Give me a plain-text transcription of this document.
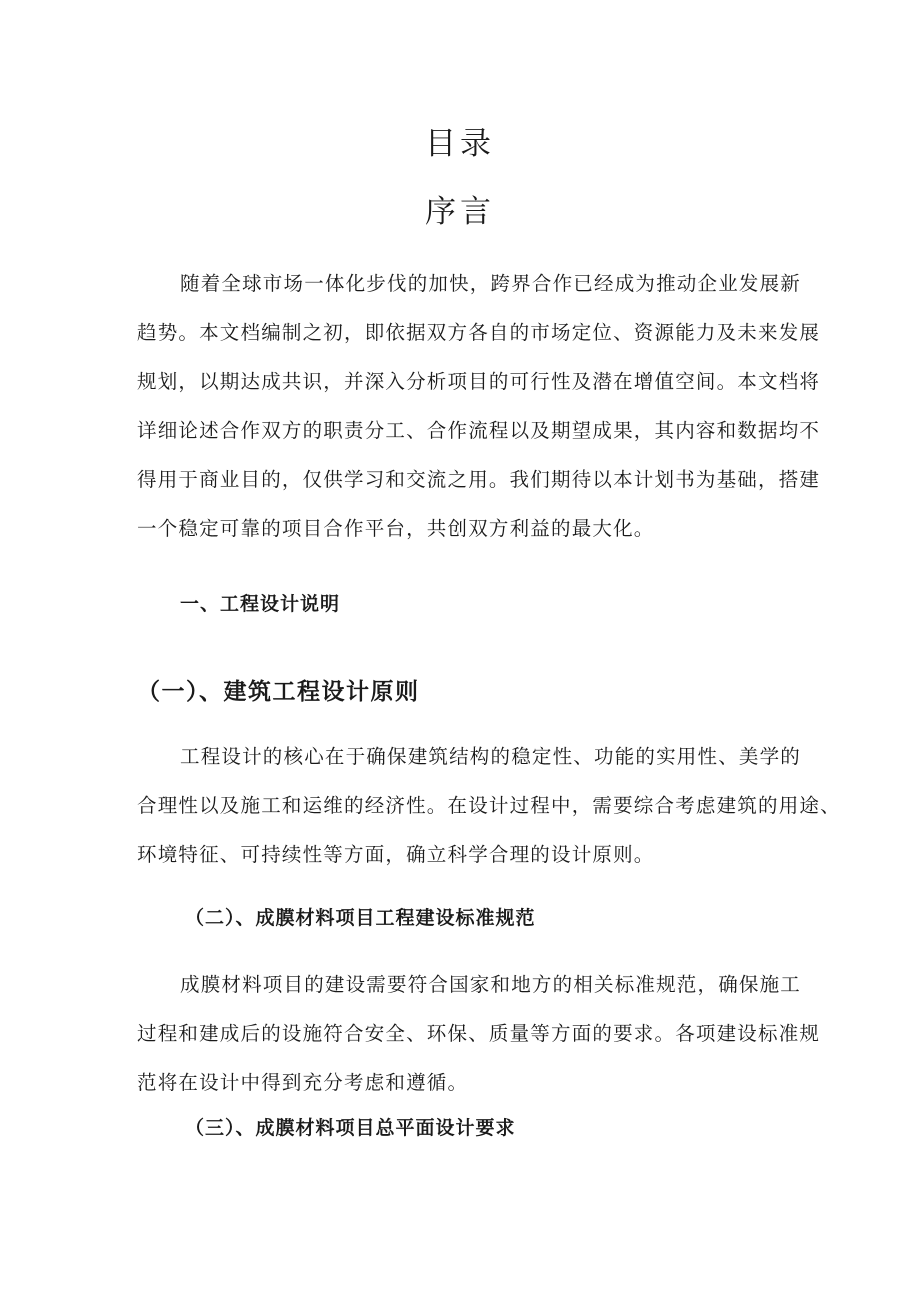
目录
序言

随着全球市场一体化步伐的加快，跨界合作已经成为推动企业发展新

趋势。本文档编制之初，即依据双方各自的市场定位、资源能力及未来发展

规划，以期达成共识，并深入分析项目的可行性及潜在增值空间。本文档将

详细论述合作双方的职责分工、合作流程以及期望成果，其内容和数据均不

得用于商业目的，仅供学习和交流之用。我们期待以本计划书为基础，搭建

一个稳定可靠的项目合作平台，共创双方利益的最大化。

一、工程设计说明
（一）、建筑工程设计原则

工程设计的核心在于确保建筑结构的稳定性、功能的实用性、美学的

合理性以及施工和运维的经济性。在设计过程中，需要综合考虑建筑的用途、

环境特征、可持续性等方面，确立科学合理的设计原则。

（二）、成膜材料项目工程建设标准规范

成膜材料项目的建设需要符合国家和地方的相关标准规范，确保施工

过程和建成后的设施符合安全、环保、质量等方面的要求。各项建设标准规

范将在设计中得到充分考虑和遵循。

（三）、成膜材料项目总平面设计要求
